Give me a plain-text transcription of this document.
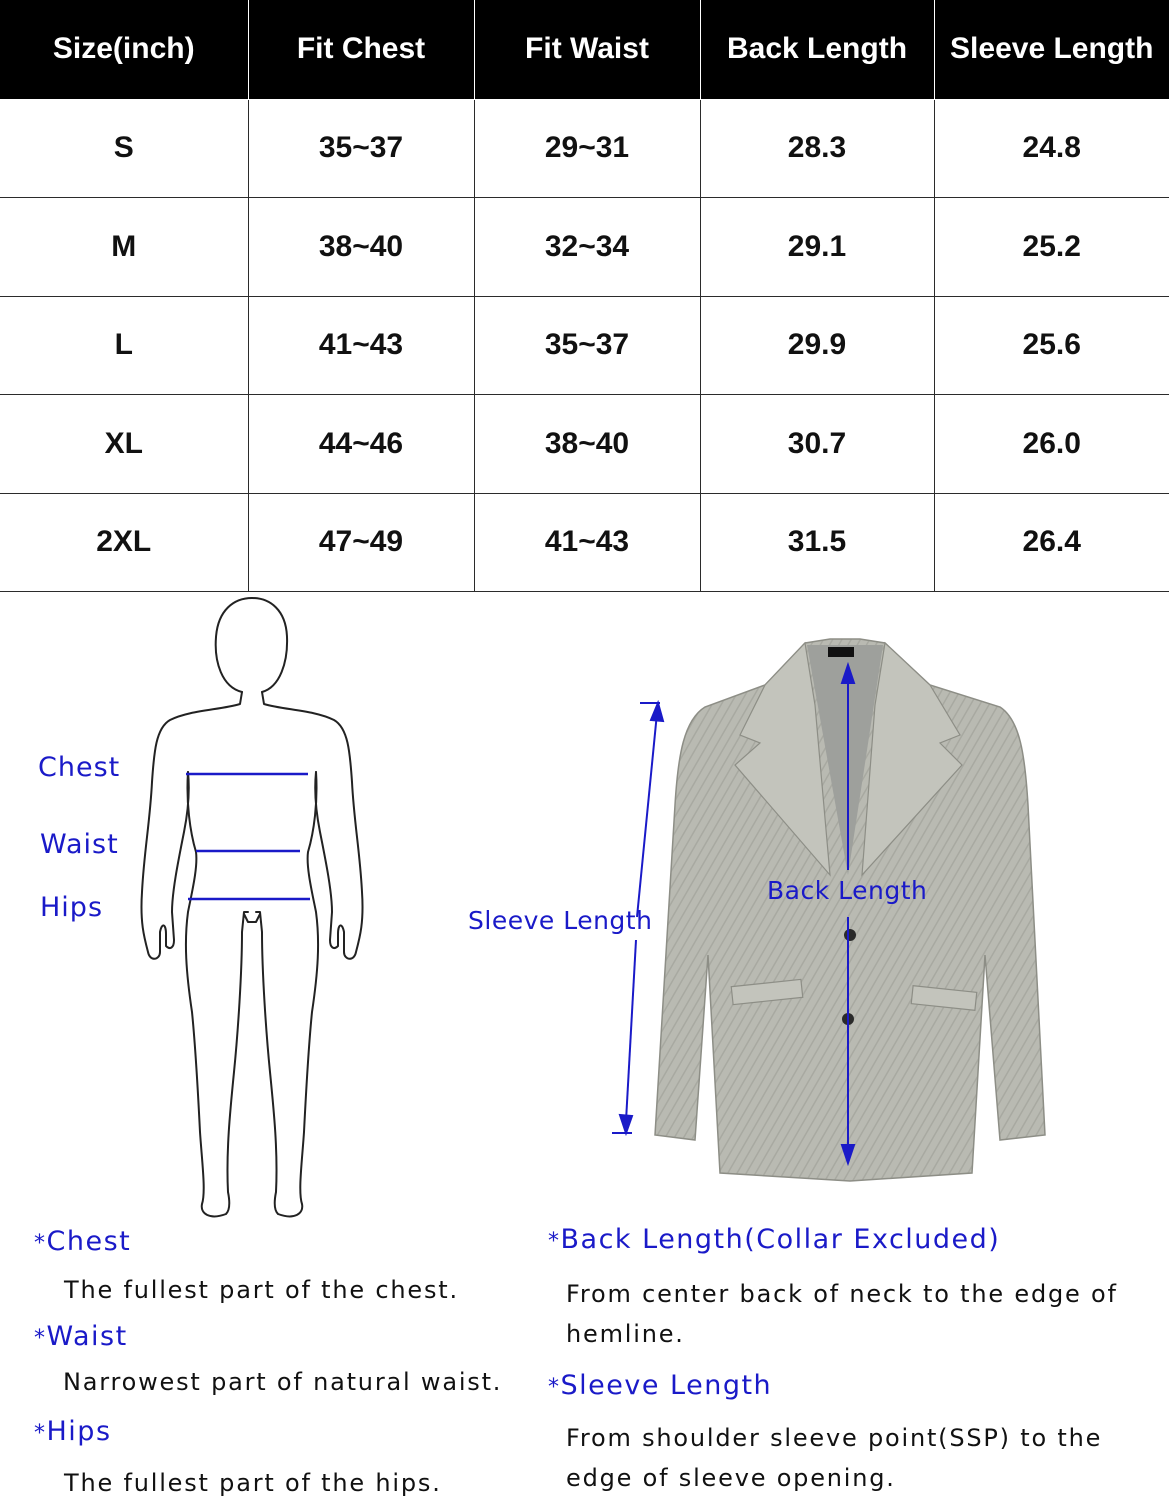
Size(inch)	Fit Chest	Fit Waist	Back Length	Sleeve Length
S	35~37	29~31	28.3	24.8
M	38~40	32~34	29.1	25.2
L	41~43	35~37	29.9	25.6
XL	44~46	38~40	30.7	26.0
2XL	47~49	41~43	31.5	26.4
Chest
Waist
Hips
Back Length
Sleeve Length
*Chest
The fullest part of the chest.
*Waist
Narrowest part of natural waist.
*Hips
The fullest part of the hips.
*Back Length(Collar Excluded)
From center back of neck to the edge of hemline.
*Sleeve Length
From shoulder sleeve point(SSP) to the edge of sleeve opening.
